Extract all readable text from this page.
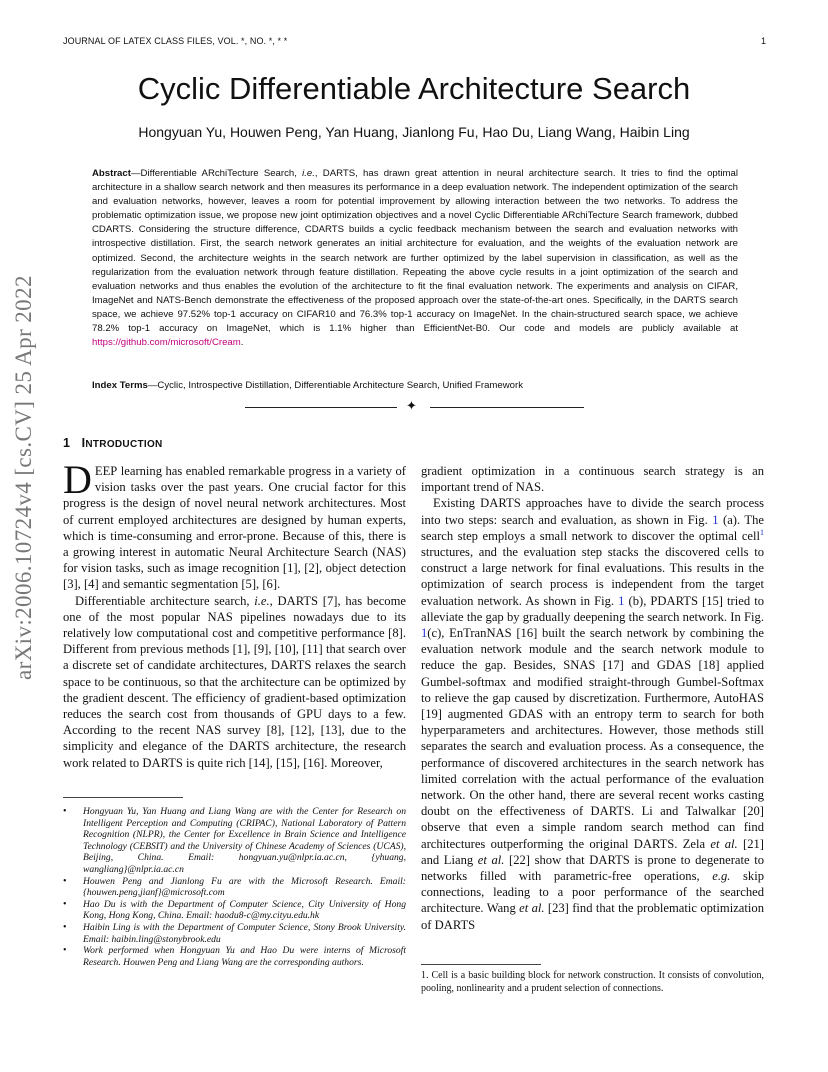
JOURNAL OF LATEX CLASS FILES, VOL. *, NO. *, * *	1
arXiv:2006.10724v4 [cs.CV] 25 Apr 2022
Cyclic Differentiable Architecture Search
Hongyuan Yu, Houwen Peng, Yan Huang, Jianlong Fu, Hao Du, Liang Wang, Haibin Ling
Abstract—Differentiable ARchiTecture Search, i.e., DARTS, has drawn great attention in neural architecture search. It tries to find the optimal architecture in a shallow search network and then measures its performance in a deep evaluation network. The independent optimization of the search and evaluation networks, however, leaves a room for potential improvement by allowing interaction between the two networks. To address the problematic optimization issue, we propose new joint optimization objectives and a novel Cyclic Differentiable ARchiTecture Search framework, dubbed CDARTS. Considering the structure difference, CDARTS builds a cyclic feedback mechanism between the search and evaluation networks with introspective distillation. First, the search network generates an initial architecture for evaluation, and the weights of the evaluation network are optimized. Second, the architecture weights in the search network are further optimized by the label supervision in classification, as well as the regularization from the evaluation network through feature distillation. Repeating the above cycle results in a joint optimization of the search and evaluation networks and thus enables the evolution of the architecture to fit the final evaluation network. The experiments and analysis on CIFAR, ImageNet and NATS-Bench demonstrate the effectiveness of the proposed approach over the state-of-the-art ones. Specifically, in the DARTS search space, we achieve 97.52% top-1 accuracy on CIFAR10 and 76.3% top-1 accuracy on ImageNet. In the chain-structured search space, we achieve 78.2% top-1 accuracy on ImageNet, which is 1.1% higher than EfficientNet-B0. Our code and models are publicly available at https://github.com/microsoft/Cream.
Index Terms—Cyclic, Introspective Distillation, Differentiable Architecture Search, Unified Framework
✦
1 INTRODUCTION

DEEP learning has enabled remarkable progress in a variety of vision tasks over the past years. One crucial factor for this progress is the design of novel neural network architectures. Most of current employed architectures are designed by human experts, which is time-consuming and error-prone. Because of this, there is a growing interest in automatic Neural Architecture Search (NAS) for vision tasks, such as image recognition [1], [2], object detection [3], [4] and semantic segmentation [5], [6].

Differentiable architecture search, i.e., DARTS [7], has become one of the most popular NAS pipelines nowadays due to its relatively low computational cost and competitive performance [8]. Different from previous methods [1], [9], [10], [11] that search over a discrete set of candidate architectures, DARTS relaxes the search space to be continuous, so that the architecture can be optimized by the gradient descent. The efficiency of gradient-based optimization reduces the search cost from thousands of GPU days to a few. According to the recent NAS survey [8], [12], [13], due to the simplicity and elegance of the DARTS architecture, the research work related to DARTS is quite rich [14], [15], [16]. Moreover,

• Hongyuan Yu, Yan Huang and Liang Wang are with the Center for Research on Intelligent Perception and Computing (CRIPAC), National Laboratory of Pattern Recognition (NLPR), the Center for Excellence in Brain Science and Intelligence Technology (CEBSIT) and the University of Chinese Academy of Sciences (UCAS), Beijing, China. Email: hongyuan.yu@nlpr.ia.ac.cn, {yhuang, wangliang}@nlpr.ia.ac.cn
• Houwen Peng and Jianlong Fu are with the Microsoft Research. Email: {houwen.peng,jianf}@microsoft.com
• Hao Du is with the Department of Computer Science, City University of Hong Kong, Hong Kong, China. Email: haodu8-c@my.cityu.edu.hk
• Haibin Ling is with the Department of Computer Science, Stony Brook University. Email: haibin.ling@stonybrook.edu
• Work performed when Hongyuan Yu and Hao Du were interns of Microsoft Research. Houwen Peng and Liang Wang are the corresponding authors.

gradient optimization in a continuous search strategy is an important trend of NAS.

Existing DARTS approaches have to divide the search process into two steps: search and evaluation, as shown in Fig. 1 (a). The search step employs a small network to discover the optimal cell$^1$ structures, and the evaluation step stacks the discovered cells to construct a large network for final evaluations. This results in the optimization of search process is independent from the target evaluation network. As shown in Fig. 1 (b), PDARTS [15] tried to alleviate the gap by gradually deepening the search network. In Fig. 1(c), EnTranNAS [16] built the search network by combining the evaluation network module and the search network module to reduce the gap. Besides, SNAS [17] and GDAS [18] applied Gumbel-softmax and modified straight-through Gumbel-Softmax to relieve the gap caused by discretization. Furthermore, AutoHAS [19] augmented GDAS with an entropy term to search for both hyperparameters and architectures. However, those methods still separates the search and evaluation process. As a consequence, the performance of discovered architectures in the search network has limited correlation with the actual performance of the evaluation network. On the other hand, there are several recent works casting doubt on the effectiveness of DARTS. Li and Talwalkar [20] observe that even a simple random search method can find architectures outperforming the original DARTS. Zela et al. [21] and Liang et al. [22] show that DARTS is prone to degenerate to networks filled with parametric-free operations, e.g. skip connections, leading to a poor performance of the searched architecture. Wang et al. [23] find that the problematic optimization of DARTS

1. Cell is a basic building block for network construction. It consists of convolution, pooling, nonlinearity and a prudent selection of connections.
